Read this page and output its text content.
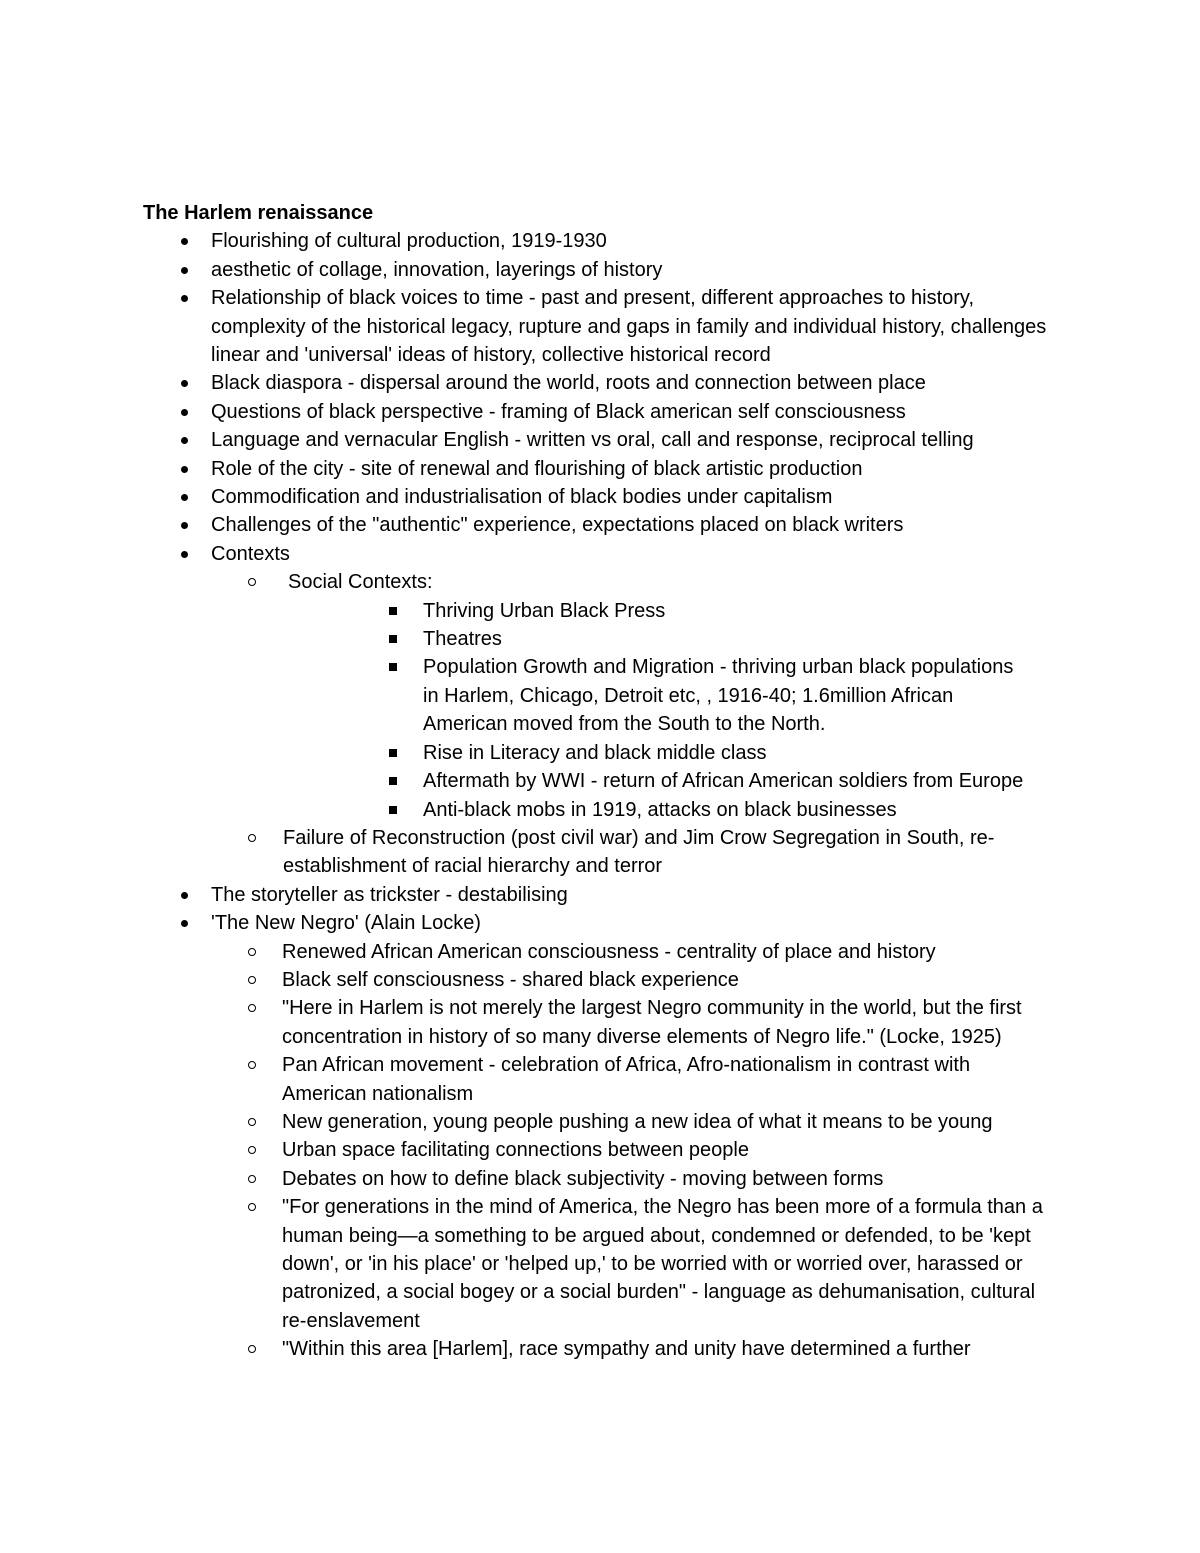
The Harlem renaissance
Flourishing of cultural production, 1919-1930
aesthetic of collage, innovation, layerings of history
Relationship of black voices to time - past and present, different approaches to history, complexity of the historical legacy, rupture and gaps in family and individual history, challenges linear and 'universal' ideas of history, collective historical record
Black diaspora - dispersal around the world, roots and connection between place
Questions of black perspective - framing of Black american self consciousness
Language and vernacular English - written vs oral, call and response, reciprocal telling
Role of the city - site of renewal and flourishing of black artistic production
Commodification and industrialisation of black bodies under capitalism
Challenges of the "authentic" experience, expectations placed on black writers
Contexts
Social Contexts:
Thriving Urban Black Press
Theatres
Population Growth and Migration - thriving urban black populations in Harlem, Chicago, Detroit etc, , 1916-40; 1.6million African American moved from the South to the North.
Rise in Literacy and black middle class
Aftermath by WWI - return of African American soldiers from Europe
Anti-black mobs in 1919, attacks on black businesses
Failure of Reconstruction (post civil war) and Jim Crow Segregation in South, re-establishment of racial hierarchy and terror
The storyteller as trickster - destabilising
'The New Negro' (Alain Locke)
Renewed African American consciousness - centrality of place and history
Black self consciousness - shared black experience
"Here in Harlem is not merely the largest Negro community in the world, but the first concentration in history of so many diverse elements of Negro life." (Locke, 1925)
Pan African movement - celebration of Africa, Afro-nationalism in contrast with American nationalism
New generation, young people pushing a new idea of what it means to be young
Urban space facilitating connections between people
Debates on how to define black subjectivity - moving between forms
"For generations in the mind of America, the Negro has been more of a formula than a human being—a something to be argued about, condemned or defended, to be 'kept down', or 'in his place' or 'helped up,' to be worried with or worried over, harassed or patronized, a social bogey or a social burden" - language as dehumanisation, cultural re-enslavement
"Within this area [Harlem], race sympathy and unity have determined a further
